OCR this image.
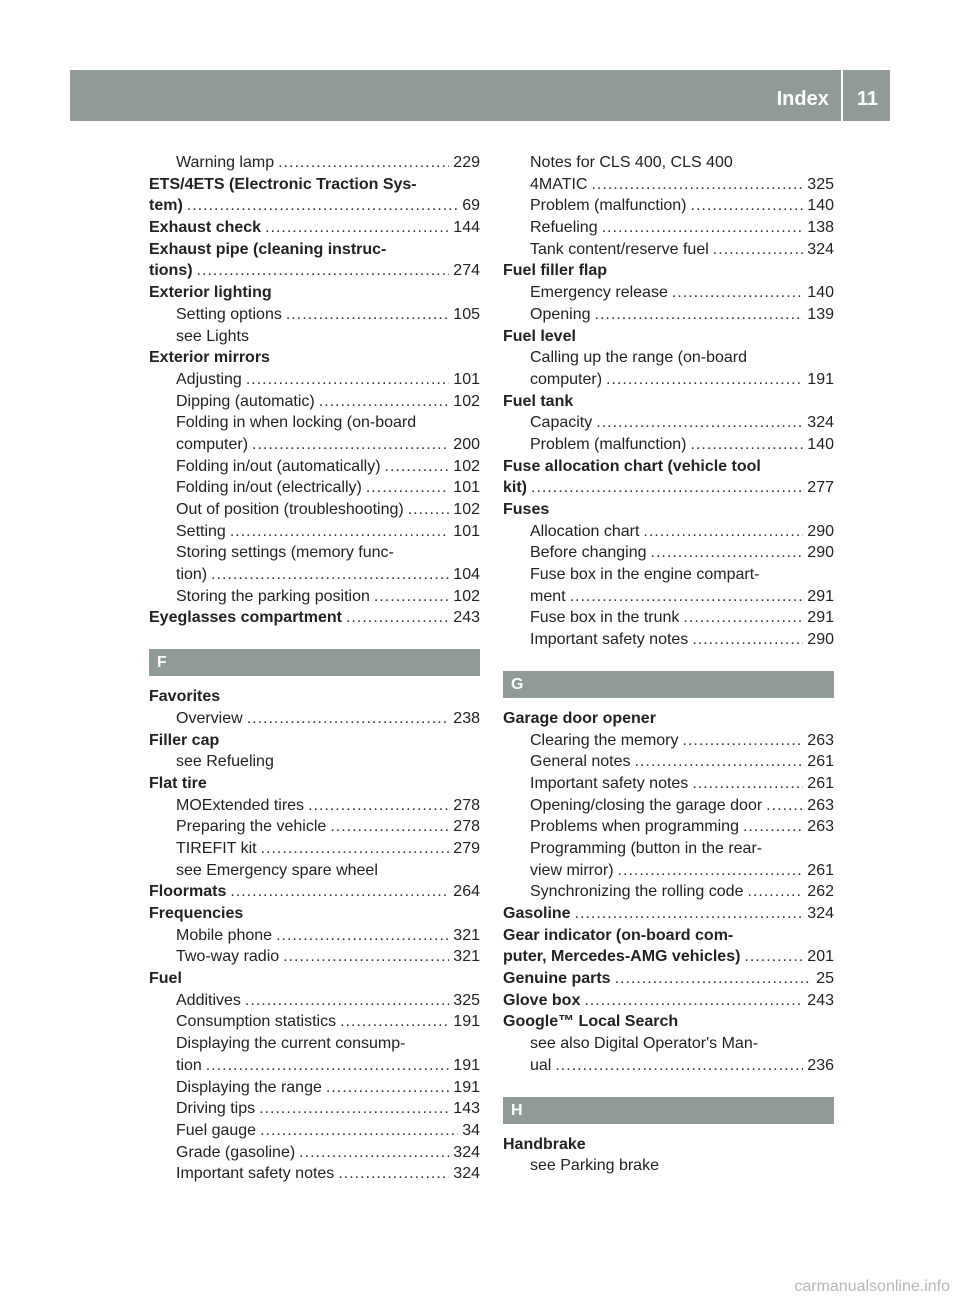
Index 11
Warning lamp .....	229
ETS/4ETS (Electronic Traction Sys-
tem) .....	69
Exhaust check .....	144
Exhaust pipe (cleaning instruc-
tions) .....	274
Exterior lighting
Setting options .....	105
see Lights
Exterior mirrors
Adjusting .....	101
Dipping (automatic) .....	102
Folding in when locking (on-board
computer) .....	200
Folding in/out (automatically) .....	102
Folding in/out (electrically) .....	101
Out of position (troubleshooting) .....	102
Setting .....	101
Storing settings (memory func-
tion) .....	104
Storing the parking position .....	102
Eyeglasses compartment .....	243
F
Favorites
Overview .....	238
Filler cap
see Refueling
Flat tire
MOExtended tires .....	278
Preparing the vehicle .....	278
TIREFIT kit .....	279
see Emergency spare wheel
Floormats .....	264
Frequencies
Mobile phone .....	321
Two-way radio .....	321
Fuel
Additives .....	325
Consumption statistics .....	191
Displaying the current consump-
tion .....	191
Displaying the range .....	191
Driving tips .....	143
Fuel gauge .....	34
Grade (gasoline) .....	324
Important safety notes .....	324
Notes for CLS 400, CLS 400
4MATIC .....	325
Problem (malfunction) .....	140
Refueling .....	138
Tank content/reserve fuel .....	324
Fuel filler flap
Emergency release .....	140
Opening .....	139
Fuel level
Calling up the range (on-board
computer) .....	191
Fuel tank
Capacity .....	324
Problem (malfunction) .....	140
Fuse allocation chart (vehicle tool
kit) .....	277
Fuses
Allocation chart .....	290
Before changing .....	290
Fuse box in the engine compart-
ment .....	291
Fuse box in the trunk .....	291
Important safety notes .....	290
G
Garage door opener
Clearing the memory .....	263
General notes .....	261
Important safety notes .....	261
Opening/closing the garage door .....	263
Problems when programming .....	263
Programming (button in the rear-
view mirror) .....	261
Synchronizing the rolling code .....	262
Gasoline .....	324
Gear indicator (on-board com-
puter, Mercedes-AMG vehicles) .....	201
Genuine parts .....	25
Glove box .....	243
Google™ Local Search
see also Digital Operator's Man-
ual .....	236
H
Handbrake
see Parking brake
carmanualsonline.info
